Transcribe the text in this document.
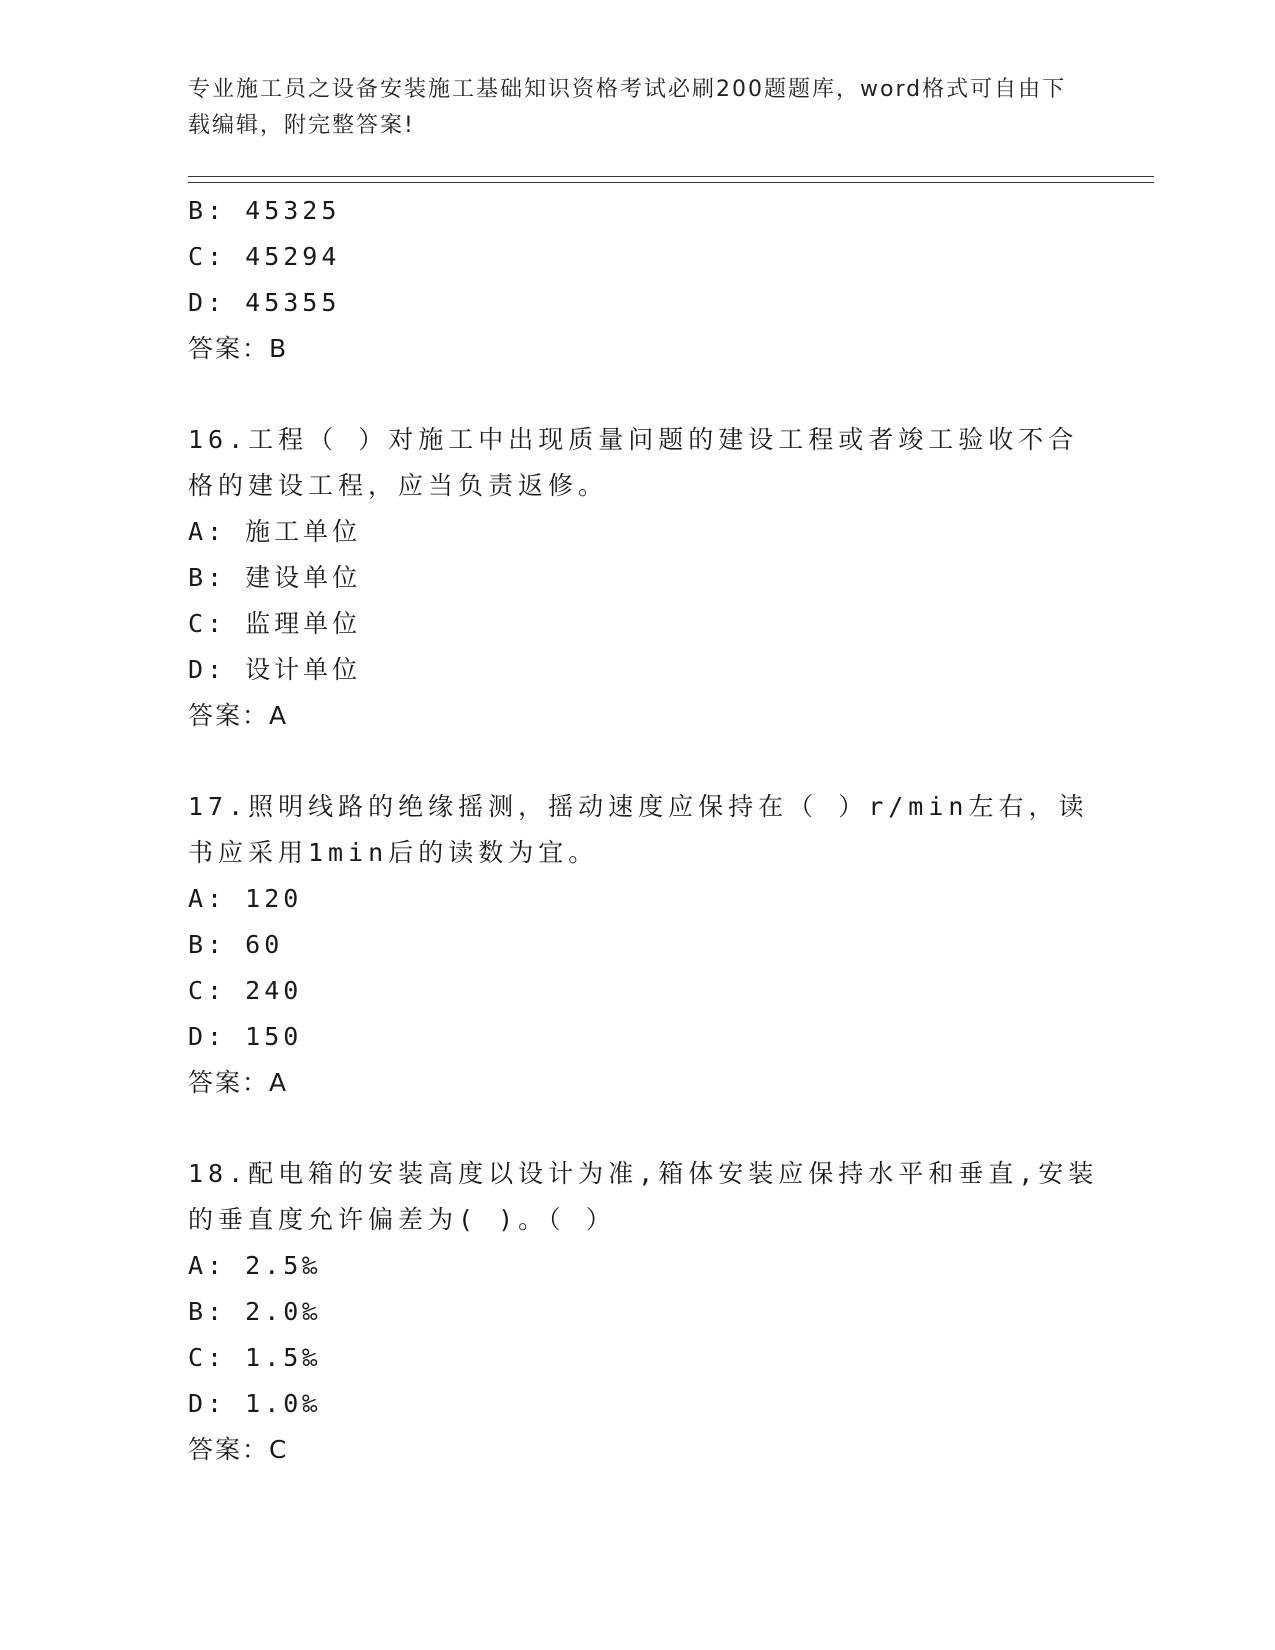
专业施工员之设备安装施工基础知识资格考试必刷200题题库，word格式可自由下载编辑，附完整答案!
B: 45325
C: 45294
D: 45355
答案：B
16.工程（ ）对施工中出现质量问题的建设工程或者竣工验收不合格的建设工程，应当负责返修。
A: 施工单位
B: 建设单位
C: 监理单位
D: 设计单位
答案：A
17.照明线路的绝缘摇测，摇动速度应保持在（ ）r/min左右，读书应采用1min后的读数为宜。
A: 120
B: 60
C: 240
D: 150
答案：A
18.配电箱的安装高度以设计为准,箱体安装应保持水平和垂直,安装的垂直度允许偏差为( )。（ ）
A: 2.5‰
B: 2.0‰
C: 1.5‰
D: 1.0‰
答案：C
